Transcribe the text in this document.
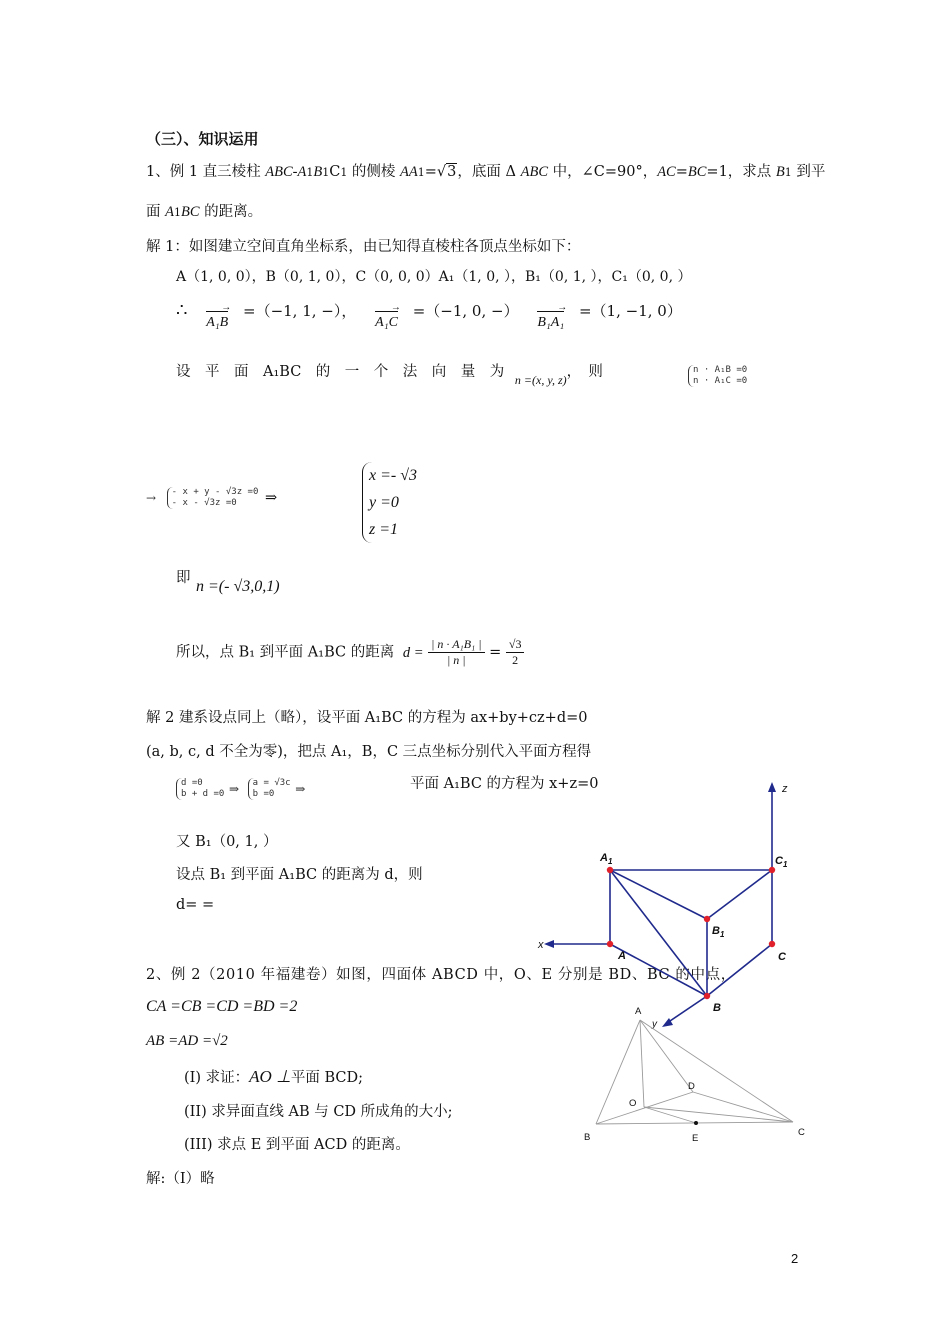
（三）、知识运用
1、例 1 直三棱柱 ABC-A1B1C1 的侧棱 AA1=√3，底面 Δ ABC 中，∠C=90°，AC=BC=1，求点 B1 到平
面 A1BC 的距离。
解 1：如图建立空间直角坐标系，由已知得直棱柱各顶点坐标如下：
A（1, 0, 0），B（0, 1, 0），C（0, 0, 0）A₁（1, 0, ），B₁（0, 1, ），C₁（0, 0, ）
∴ A₁B → =（−1, 1, −）， A₁C → =（−1, 0, −） B₁A₁ → =（1, −1, 0）
设　平　面　A₁BC　的　一　个　法　向　量　为 $_{n =(x, y, z)}$，　则	n · A₁B =0
n · A₁C =0
→ - x + y - √3z =0
- x - √3z =0 ⇒
x =- √3
y =0
z =1
即 n =(- √3,0,1)
所以，点 B₁ 到平面 A₁BC 的距离 $d = \frac{\text{| n · A₁B₁ |}}{| n |} = \frac{√3}{2}$
解 2 建系设点同上（略），设平面 A₁BC 的方程为 ax+by+cz+d=0
(a, b, c, d 不全为零)，把点 A₁，B，C 三点坐标分别代入平面方程得
d =0
b + d =0 ⇒ a = √3c
b =0 ⇒	平面 A₁BC 的方程为 x+z=0
又 B₁（0, 1, ）
设点 B₁ 到平面 A₁BC 的距离为 d，则
d= =
2、例 2（2010 年福建卷）如图，四面体 ABCD 中，O、E 分别是 BD、BC 的中点，
CA =CB =CD =BD =2
AB =AD =√2
(I) 求证：AO ⊥平面 BCD;
(II) 求异面直线 AB 与 CD 所成角的大小;
(III) 求点 E 到平面 ACD 的距离。
解:（I）略
z
x
y
$A_1$	$C_1$
$B_1$
A	C
B
A
B	C
D
O
E
2
